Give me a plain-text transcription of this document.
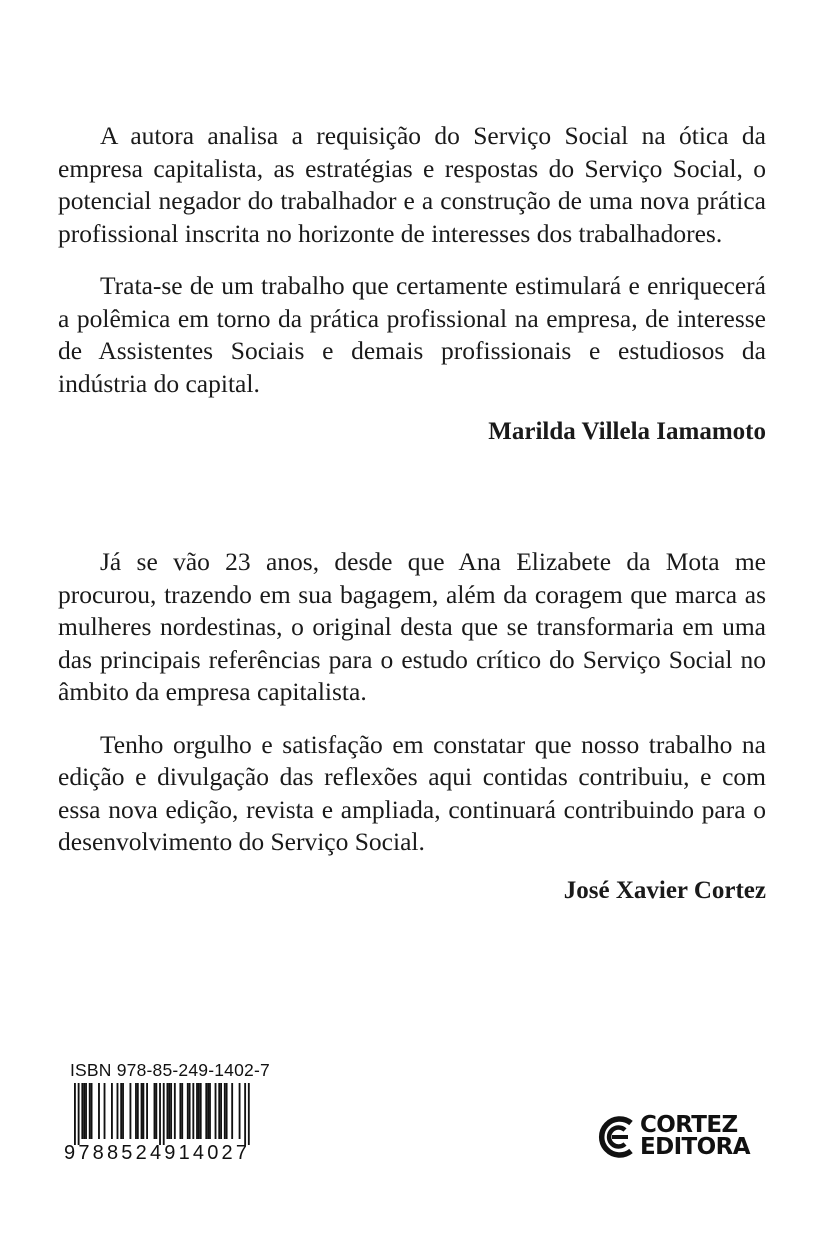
A autora analisa a requisição do Serviço Social na ótica da empresa capitalista, as estratégias e respostas do Serviço Social, o potencial negador do trabalhador e a construção de uma nova prática profissional inscrita no horizonte de interesses dos trabalhadores.

Trata-se de um trabalho que certamente estimulará e enriquecerá a polêmica em torno da prática profissional na empresa, de interesse de Assistentes Sociais e demais profissionais e estudiosos da indústria do capital.

Marilda Villela Iamamoto

Já se vão 23 anos, desde que Ana Elizabete da Mota me procurou, trazendo em sua bagagem, além da coragem que marca as mulheres nordestinas, o original desta que se transformaria em uma das principais referências para o estudo crítico do Serviço Social no âmbito da empresa capitalista.

Tenho orgulho e satisfação em constatar que nosso trabalho na edição e divulgação das reflexões aqui contidas contribuiu, e com essa nova edição, revista e ampliada, continuará contribuindo para o desenvolvimento do Serviço Social.

José Xavier Cortez

ISBN 978-85-249-1402-7
9788524914027
CORTEZ
EDITORA
